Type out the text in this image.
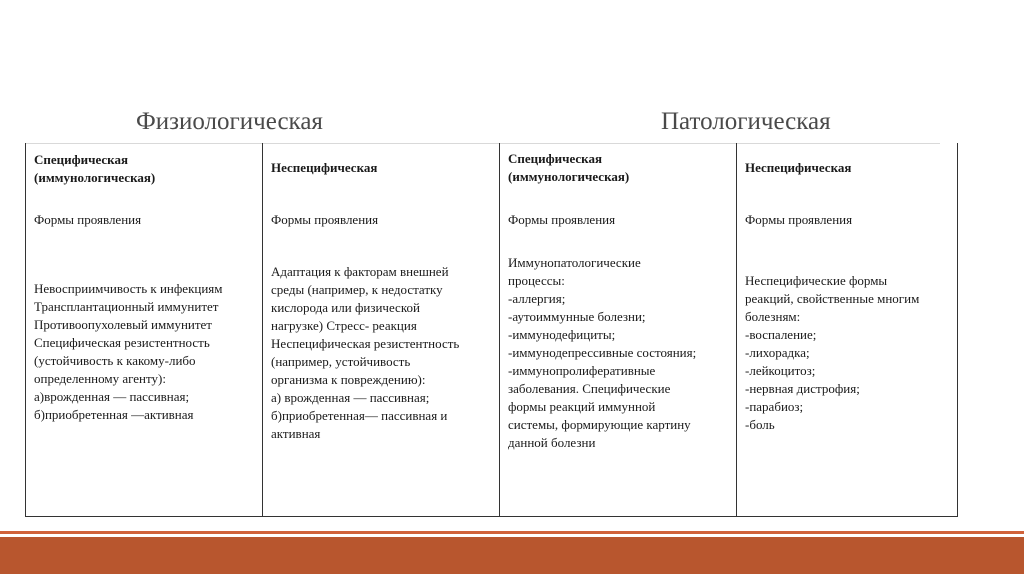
Физиологическая	Патологическая
Специфическая
(иммунологическая)
Формы проявления
Невосприимчивость к инфекциям
Трансплантационный иммунитет
Противоопухолевый иммунитет
Специфическая резистентность
(устойчивость к какому-либо
определенному агенту):
а)врожденная — пассивная;
б)приобретенная —активная
Неспецифическая
Формы проявления
Адаптация к факторам внешней
среды (например, к недостатку
кислорода или физической
нагрузке) Стресс- реакция
Неспецифическая резистентность
(например, устойчивость
организма к повреждению):
а) врожденная — пассивная;
б)приобретенная— пассивная и
активная
Специфическая
(иммунологическая)
Формы проявления
Иммунопатологические
процессы:
-аллергия;
-аутоиммунные болезни;
-иммунодефициты;
-иммунодепрессивные состояния;
-иммунопролиферативные
заболевания. Специфические
формы реакций иммунной
системы, формирующие картину
данной болезни
Неспецифическая
Формы проявления
Неспецифические формы
реакций, свойственные многим
болезням:
-воспаление;
-лихорадка;
-лейкоцитоз;
-нервная дистрофия;
-парабиоз;
-боль
